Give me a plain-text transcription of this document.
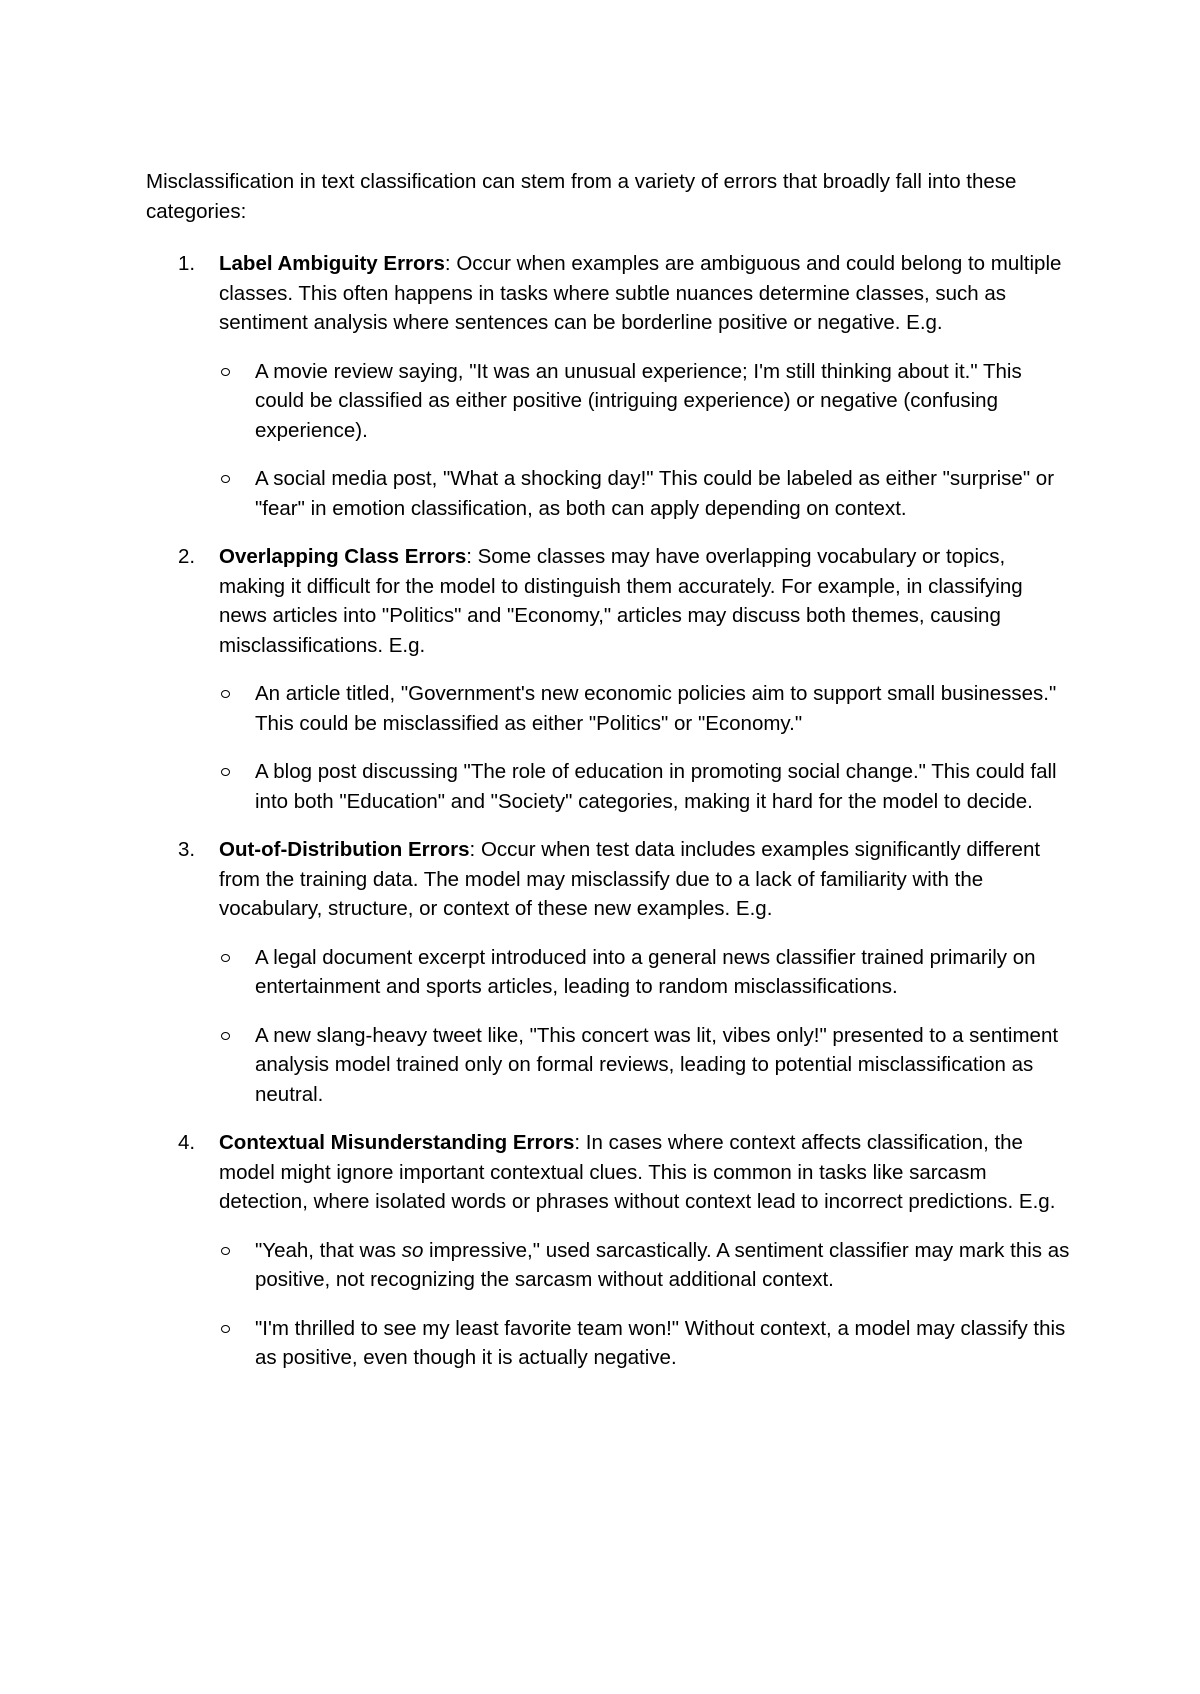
Misclassification in text classification can stem from a variety of errors that broadly fall into these categories:

1. Label Ambiguity Errors: Occur when examples are ambiguous and could belong to multiple classes. This often happens in tasks where subtle nuances determine classes, such as sentiment analysis where sentences can be borderline positive or negative. E.g.

A movie review saying, "It was an unusual experience; I'm still thinking about it." This could be classified as either positive (intriguing experience) or negative (confusing experience).
A social media post, "What a shocking day!" This could be labeled as either "surprise" or "fear" in emotion classification, as both can apply depending on context.
2. Overlapping Class Errors: Some classes may have overlapping vocabulary or topics, making it difficult for the model to distinguish them accurately. For example, in classifying news articles into "Politics" and "Economy," articles may discuss both themes, causing misclassifications. E.g.

An article titled, "Government's new economic policies aim to support small businesses." This could be misclassified as either "Politics" or "Economy."
A blog post discussing "The role of education in promoting social change." This could fall into both "Education" and "Society" categories, making it hard for the model to decide.
3. Out-of-Distribution Errors: Occur when test data includes examples significantly different from the training data. The model may misclassify due to a lack of familiarity with the vocabulary, structure, or context of these new examples. E.g.

A legal document excerpt introduced into a general news classifier trained primarily on entertainment and sports articles, leading to random misclassifications.
A new slang-heavy tweet like, "This concert was lit, vibes only!" presented to a sentiment analysis model trained only on formal reviews, leading to potential misclassification as neutral.
4. Contextual Misunderstanding Errors: In cases where context affects classification, the model might ignore important contextual clues. This is common in tasks like sarcasm detection, where isolated words or phrases without context lead to incorrect predictions. E.g.

"Yeah, that was so impressive," used sarcastically. A sentiment classifier may mark this as positive, not recognizing the sarcasm without additional context.
"I'm thrilled to see my least favorite team won!" Without context, a model may classify this as positive, even though it is actually negative.
